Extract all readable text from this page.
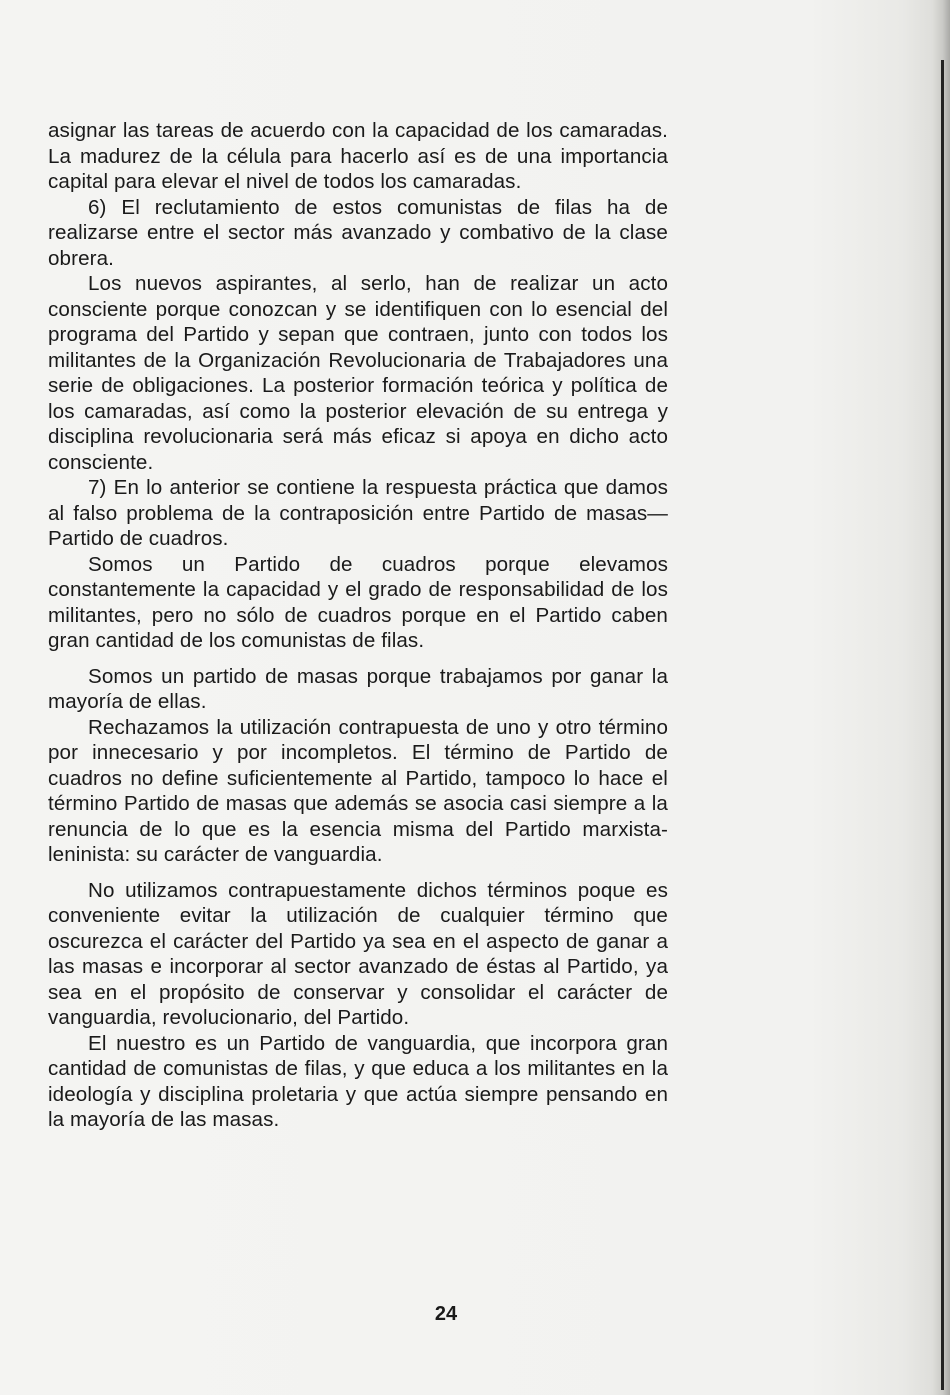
asignar las tareas de acuerdo con la capacidad de los camaradas. La madurez de la célula para hacerlo así es de una importancia capital para elevar el nivel de todos los camaradas.

6) El reclutamiento de estos comunistas de filas ha de realizarse entre el sector más avanzado y combativo de la clase obrera.

Los nuevos aspirantes, al serlo, han de realizar un acto consciente porque conozcan y se identifiquen con lo esencial del programa del Partido y sepan que contraen, junto con todos los militantes de la Organización Revolucionaria de Trabajadores una serie de obligaciones. La posterior formación teórica y política de los camaradas, así como la posterior elevación de su entrega y disciplina revolucionaria será más eficaz si apoya en dicho acto consciente.

7) En lo anterior se contiene la respuesta práctica que damos al falso problema de la contraposición entre Partido de masas—Partido de cuadros.

Somos un Partido de cuadros porque elevamos constantemente la capacidad y el grado de responsabilidad de los militantes, pero no sólo de cuadros porque en el Partido caben gran cantidad de los comunistas de filas.

Somos un partido de masas porque trabajamos por ganar la mayoría de ellas.

Rechazamos la utilización contrapuesta de uno y otro término por innecesario y por incompletos. El término de Partido de cuadros no define suficientemente al Partido, tampoco lo hace el término Partido de masas que además se asocia casi siempre a la renuncia de lo que es la esencia misma del Partido marxista-leninista: su carácter de vanguardia.

No utilizamos contrapuestamente dichos términos poque es conveniente evitar la utilización de cualquier término que oscurezca el carácter del Partido ya sea en el aspecto de ganar a las masas e incorporar al sector avanzado de éstas al Partido, ya sea en el propósito de conservar y consolidar el carácter de vanguardia, revolucionario, del Partido.

El nuestro es un Partido de vanguardia, que incorpora gran cantidad de comunistas de filas, y que educa a los militantes en la ideología y disciplina proletaria y que actúa siempre pensando en la mayoría de las masas.

24
